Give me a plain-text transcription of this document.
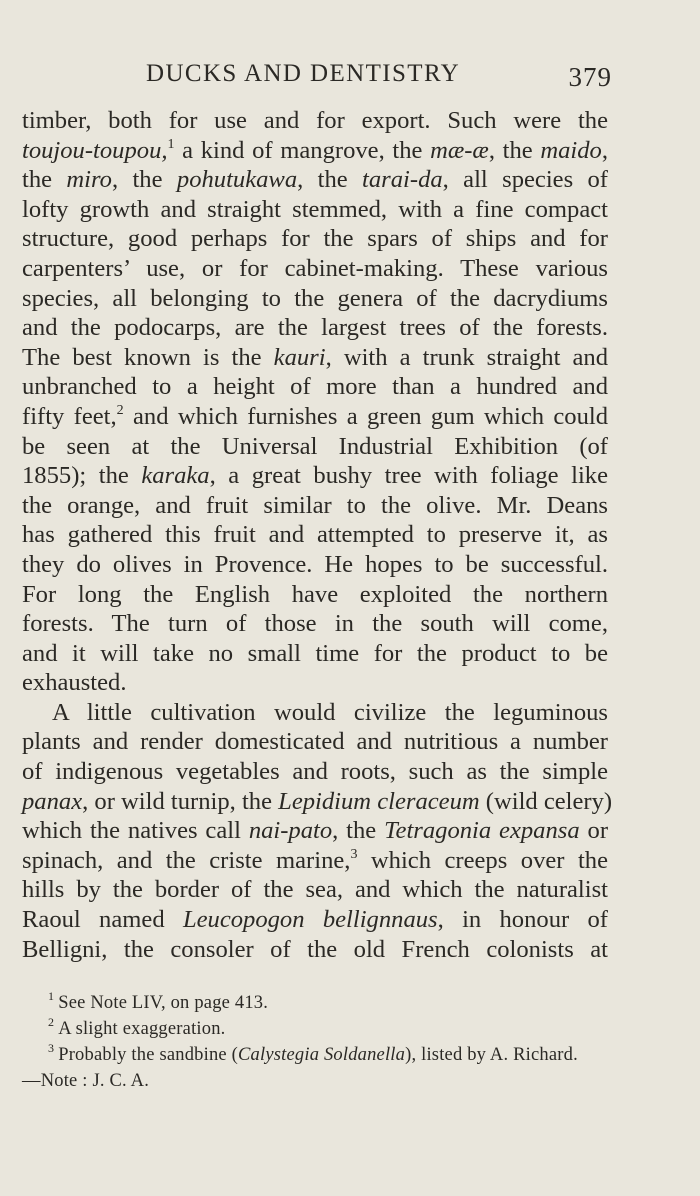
DUCKS AND DENTISTRY	379
timber, both for use and for export. Such were the
toujou-toupou,$^1$ a kind of mangrove, the mæ-æ, the maido,
the miro, the pohutukawa, the tarai-da, all species of
lofty growth and straight stemmed, with a fine compact
structure, good perhaps for the spars of ships and for
carpenters’ use, or for cabinet-making. These various
species, all belonging to the genera of the dacrydiums
and the podocarps, are the largest trees of the forests.
The best known is the kauri, with a trunk straight and
unbranched to a height of more than a hundred and
fifty feet,$^2$ and which furnishes a green gum which could
be seen at the Universal Industrial Exhibition (of
1855); the karaka, a great bushy tree with foliage like
the orange, and fruit similar to the olive. Mr. Deans
has gathered this fruit and attempted to preserve it, as
they do olives in Provence. He hopes to be successful.
For long the English have exploited the northern
forests. The turn of those in the south will come,
and it will take no small time for the product to be
exhausted.
A little cultivation would civilize the leguminous
plants and render domesticated and nutritious a number
of indigenous vegetables and roots, such as the simple
panax, or wild turnip, the Lepidium cleraceum (wild celery)
which the natives call nai-pato, the Tetragonia expansa or
spinach, and the criste marine,$^3$ which creeps over the
hills by the border of the sea, and which the naturalist
Raoul named Leucopogon bellignnaus, in honour of
Belligni, the consoler of the old French colonists at
$^1$ See Note LIV, on page 413.
$^2$ A slight exaggeration.
$^3$ Probably the sandbine (Calystegia Soldanella), listed by A. Richard.
—Note : J. C. A.
